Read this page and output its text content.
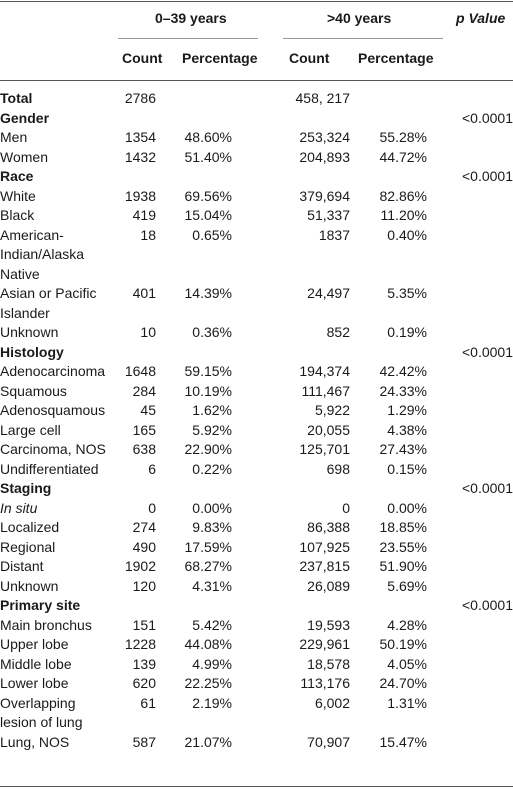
0–39 years	>40 years	p Value
Count Percentage Count Percentage
Total	2786		458, 217		
Gender					<0.0001
Men	1354	48.60%	253,324	55.28%	
Women	1432	51.40%	204,893	44.72%	
Race					<0.0001
White	1938	69.56%	379,694	82.86%	
Black	419	15.04%	51,337	11.20%	
American-Indian/Alaska Native	18	0.65%	1837	0.40%	
Asian or Pacific Islander	401	14.39%	24,497	5.35%	
Unknown	10	0.36%	852	0.19%	
Histology					<0.0001
Adenocarcinoma	1648	59.15%	194,374	42.42%	
Squamous	284	10.19%	111,467	24.33%	
Adenosquamous	45	1.62%	5,922	1.29%	
Large cell	165	5.92%	20,055	4.38%	
Carcinoma, NOS	638	22.90%	125,701	27.43%	
Undifferentiated	6	0.22%	698	0.15%	
Staging					<0.0001
In situ	0	0.00%	0	0.00%	
Localized	274	9.83%	86,388	18.85%	
Regional	490	17.59%	107,925	23.55%	
Distant	1902	68.27%	237,815	51.90%	
Unknown	120	4.31%	26,089	5.69%	
Primary site					<0.0001
Main bronchus	151	5.42%	19,593	4.28%	
Upper lobe	1228	44.08%	229,961	50.19%	
Middle lobe	139	4.99%	18,578	4.05%	
Lower lobe	620	22.25%	113,176	24.70%	
Overlapping lesion of lung	61	2.19%	6,002	1.31%	
Lung, NOS	587	21.07%	70,907	15.47%	
